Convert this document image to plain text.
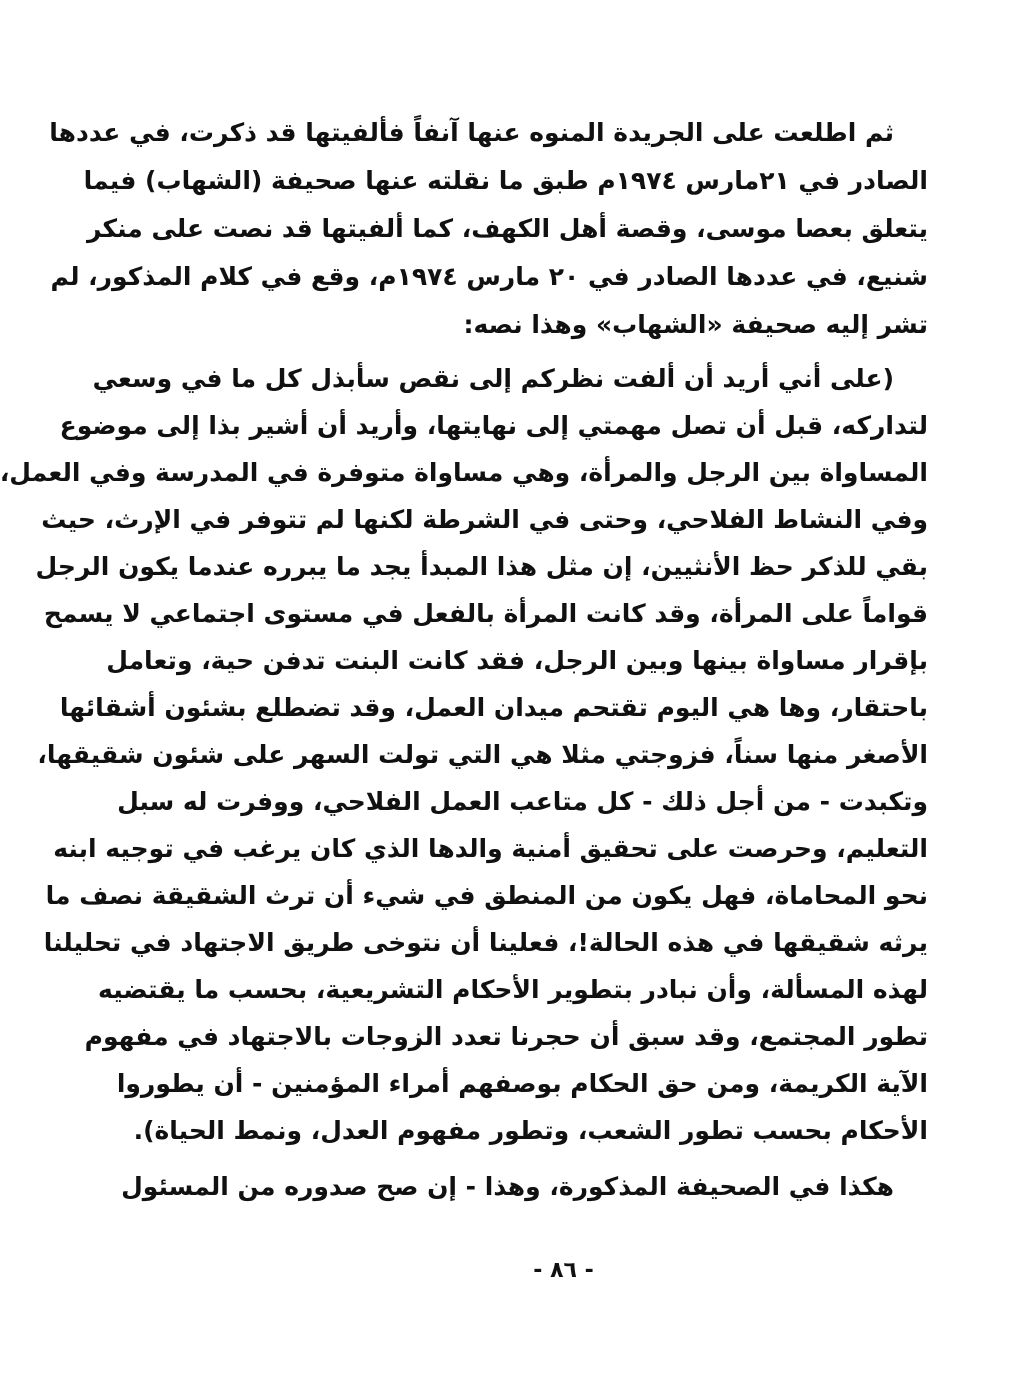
ثم اطلعت على الجريدة المنوه عنها آنفاً فألفيتها قد ذكرت، في عددها
الصادر في ٢١مارس ١٩٧٤م طبق ما نقلته عنها صحيفة (الشهاب) فيما
يتعلق بعصا موسى، وقصة أهل الكهف، كما ألفيتها قد نصت على منكر
شنيع، في عددها الصادر في ٢٠ مارس ١٩٧٤م، وقع في كلام المذكور، لم
تشر إليه صحيفة «الشهاب» وهذا نصه:
(على أني أريد أن ألفت نظركم إلى نقص سأبذل كل ما في وسعي
لتداركه، قبل أن تصل مهمتي إلى نهايتها، وأريد أن أشير بذا إلى موضوع
المساواة بين الرجل والمرأة، وهي مساواة متوفرة في المدرسة وفي العمل،
وفي النشاط الفلاحي، وحتى في الشرطة لكنها لم تتوفر في الإرث، حيث
بقي للذكر حظ الأنثيين، إن مثل هذا المبدأ يجد ما يبرره عندما يكون الرجل
قواماً على المرأة، وقد كانت المرأة بالفعل في مستوى اجتماعي لا يسمح
بإقرار مساواة بينها وبين الرجل، فقد كانت البنت تدفن حية، وتعامل
باحتقار، وها هي اليوم تقتحم ميدان العمل، وقد تضطلع بشئون أشقائها
الأصغر منها سناً، فزوجتي مثلا هي التي تولت السهر على شئون شقيقها،
وتكبدت - من أجل ذلك - كل متاعب العمل الفلاحي، ووفرت له سبل
التعليم، وحرصت على تحقيق أمنية والدها الذي كان يرغب في توجيه ابنه
نحو المحاماة، فهل يكون من المنطق في شيء أن ترث الشقيقة نصف ما
يرثه شقيقها في هذه الحالة!، فعلينا أن نتوخى طريق الاجتهاد في تحليلنا
لهذه المسألة، وأن نبادر بتطوير الأحكام التشريعية، بحسب ما يقتضيه
تطور المجتمع، وقد سبق أن حجرنا تعدد الزوجات بالاجتهاد في مفهوم
الآية الكريمة، ومن حق الحكام بوصفهم أمراء المؤمنين - أن يطوروا
الأحكام بحسب تطور الشعب، وتطور مفهوم العدل، ونمط الحياة).
هكذا في الصحيفة المذكورة، وهذا - إن صح صدوره من المسئول
- ٨٦ -
